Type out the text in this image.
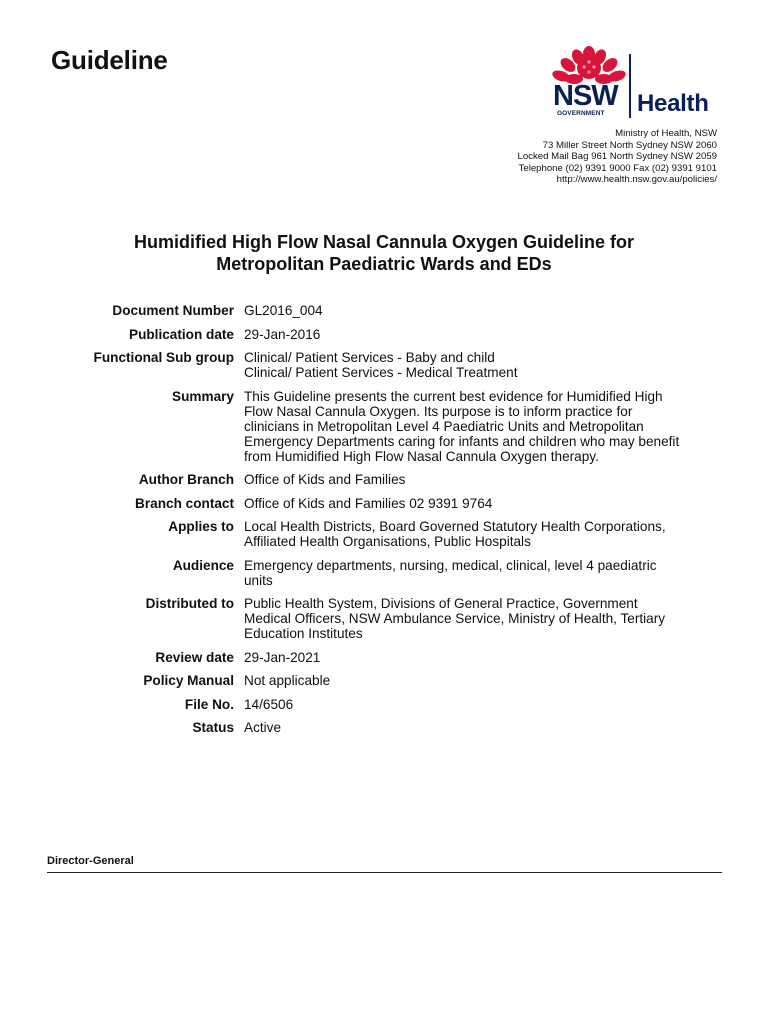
Guideline
NSW
GOVERNMENT Health
Ministry of Health, NSW
73 Miller Street North Sydney NSW 2060
Locked Mail Bag 961 North Sydney NSW 2059
Telephone (02) 9391 9000 Fax (02) 9391 9101
http://www.health.nsw.gov.au/policies/
Humidified High Flow Nasal Cannula Oxygen Guideline for
Metropolitan Paediatric Wards and EDs
Document Number GL2016_004
Publication date 29-Jan-2016
Functional Sub group Clinical/ Patient Services - Baby and child
Clinical/ Patient Services - Medical Treatment
Summary This Guideline presents the current best evidence for Humidified High
Flow Nasal Cannula Oxygen. Its purpose is to inform practice for
clinicians in Metropolitan Level 4 Paediatric Units and Metropolitan
Emergency Departments caring for infants and children who may benefit
from Humidified High Flow Nasal Cannula Oxygen therapy.
Author Branch Office of Kids and Families
Branch contact Office of Kids and Families 02 9391 9764
Applies to Local Health Districts, Board Governed Statutory Health Corporations,
Affiliated Health Organisations, Public Hospitals
Audience Emergency departments, nursing, medical, clinical, level 4 paediatric
units
Distributed to Public Health System, Divisions of General Practice, Government
Medical Officers, NSW Ambulance Service, Ministry of Health, Tertiary
Education Institutes
Review date 29-Jan-2021
Policy Manual Not applicable
File No. 14/6506
Status Active
Director-General
